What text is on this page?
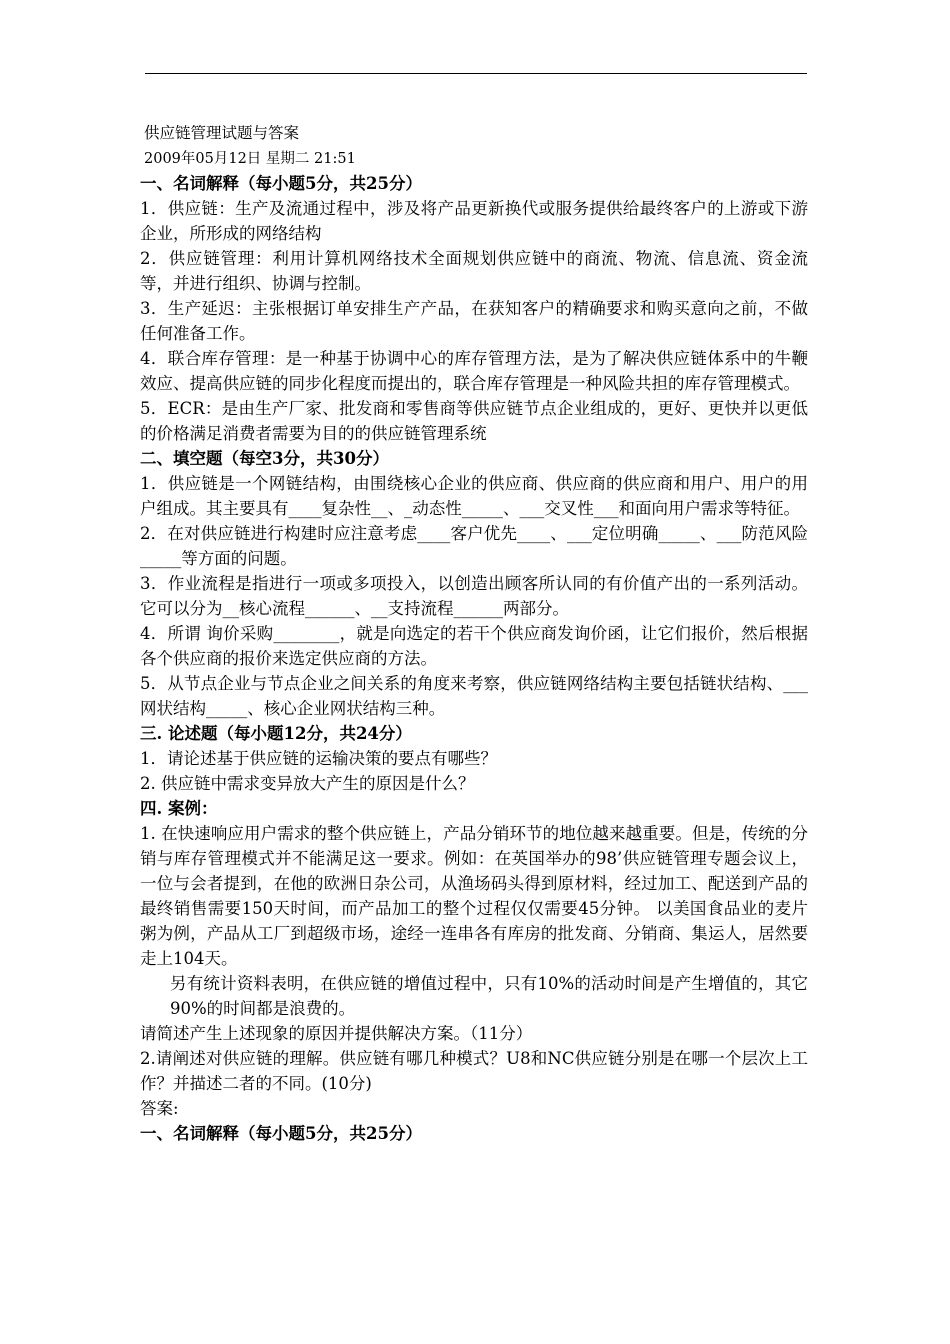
供应链管理试题与答案
2009年05月12日 星期二 21:51
一、名词解释（每小题5分，共25分）
1．供应链：生产及流通过程中，涉及将产品更新换代或服务提供给最终客户的上游或下游企业，所形成的网络结构
2．供应链管理：利用计算机网络技术全面规划供应链中的商流、物流、信息流、资金流等，并进行组织、协调与控制。
3．生产延迟：主张根据订单安排生产产品，在获知客户的精确要求和购买意向之前，不做任何准备工作。
4．联合库存管理：是一种基于协调中心的库存管理方法，是为了解决供应链体系中的牛鞭效应、提高供应链的同步化程度而提出的，联合库存管理是一种风险共担的库存管理模式。
5．ECR：是由生产厂家、批发商和零售商等供应链节点企业组成的，更好、更快并以更低的价格满足消费者需要为目的的供应链管理系统
二、填空题（每空3分，共30分）
1．供应链是一个网链结构，由围绕核心企业的供应商、供应商的供应商和用户、用户的用户组成。其主要具有____复杂性__、_动态性_____、___交叉性___和面向用户需求等特征。
2．在对供应链进行构建时应注意考虑____客户优先____、___定位明确_____、___防范风险_____等方面的问题。
3．作业流程是指进行一项或多项投入，以创造出顾客所认同的有价值产出的一系列活动。它可以分为__核心流程______、__支持流程______两部分。
4．所谓 询价采购________，就是向选定的若干个供应商发询价函，让它们报价，然后根据各个供应商的报价来选定供应商的方法。
5．从节点企业与节点企业之间关系的角度来考察，供应链网络结构主要包括链状结构、___网状结构_____、核心企业网状结构三种。
三. 论述题（每小题12分，共24分）
1．请论述基于供应链的运输决策的要点有哪些？
2. 供应链中需求变异放大产生的原因是什么？
四. 案例：
1. 在快速响应用户需求的整个供应链上，产品分销环节的地位越来越重要。但是，传统的分销与库存管理模式并不能满足这一要求。例如：在英国举办的98’供应链管理专题会议上，一位与会者提到，在他的欧洲日杂公司，从渔场码头得到原材料，经过加工、配送到产品的最终销售需要150天时间，而产品加工的整个过程仅仅需要45分钟。 以美国食品业的麦片粥为例，产品从工厂到超级市场，途经一连串各有库房的批发商、分销商、集运人，居然要走上104天。
另有统计资料表明，在供应链的增值过程中，只有10%的活动时间是产生增值的，其它90%的时间都是浪费的。
请简述产生上述现象的原因并提供解决方案。（11分）
2.请阐述对供应链的理解。供应链有哪几种模式？U8和NC供应链分别是在哪一个层次上工作？并描述二者的不同。(10分)
答案:
一、名词解释（每小题5分，共25分）
